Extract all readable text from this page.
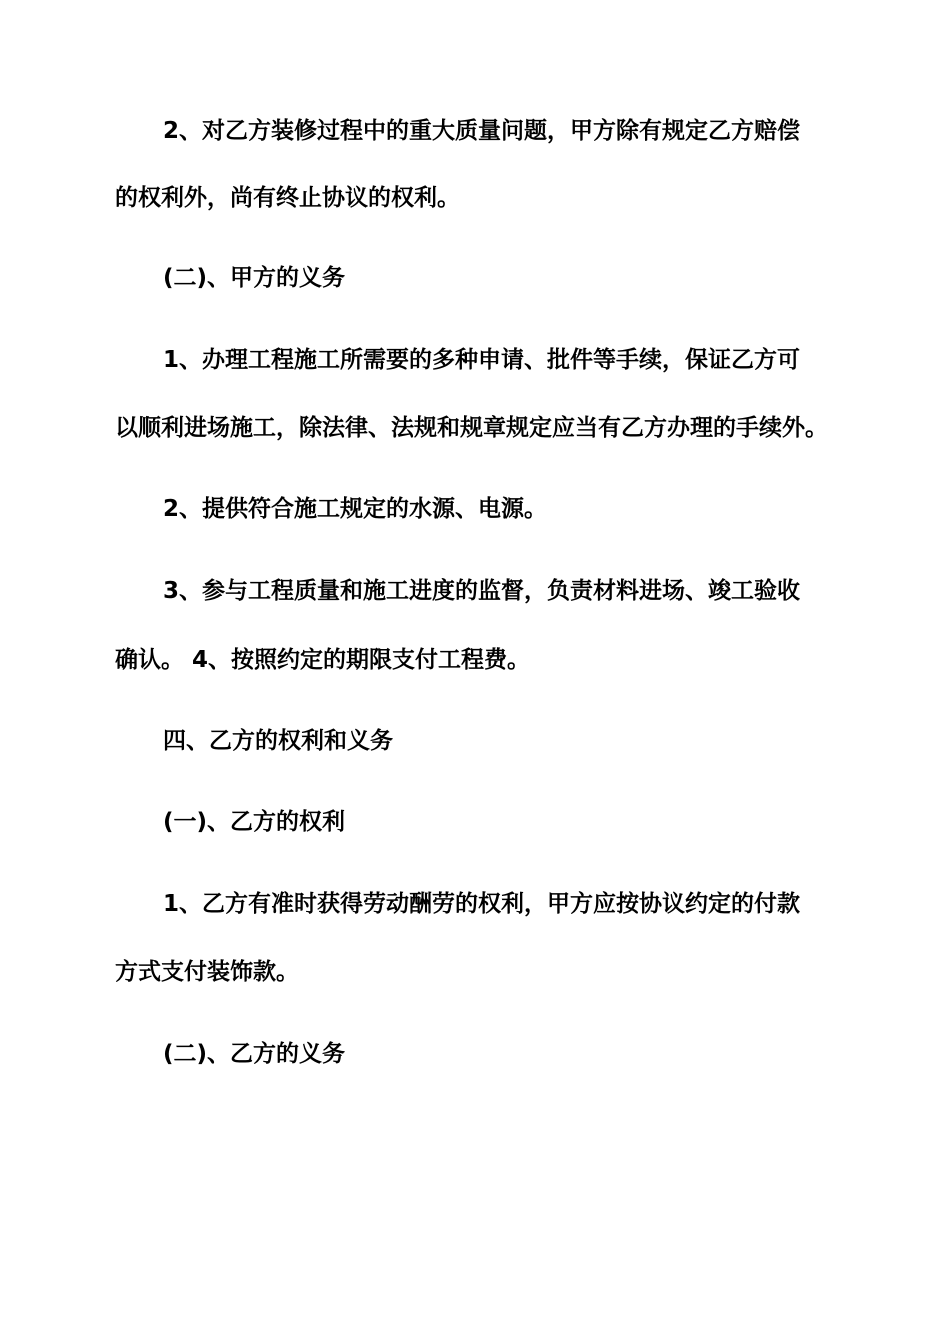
2、对乙方装修过程中的重大质量问题，甲方除有规定乙方赔偿
的权利外，尚有终止协议的权利。
(二)、甲方的义务
1、办理工程施工所需要的多种申请、批件等手续，保证乙方可
以顺利进场施工，除法律、法规和规章规定应当有乙方办理的手续外。
2、提供符合施工规定的水源、电源。
3、参与工程质量和施工进度的监督，负责材料进场、竣工验收
确认。 4、按照约定的期限支付工程费。
四、乙方的权利和义务
(一)、乙方的权利
1、乙方有准时获得劳动酬劳的权利，甲方应按协议约定的付款
方式支付装饰款。
(二)、乙方的义务
